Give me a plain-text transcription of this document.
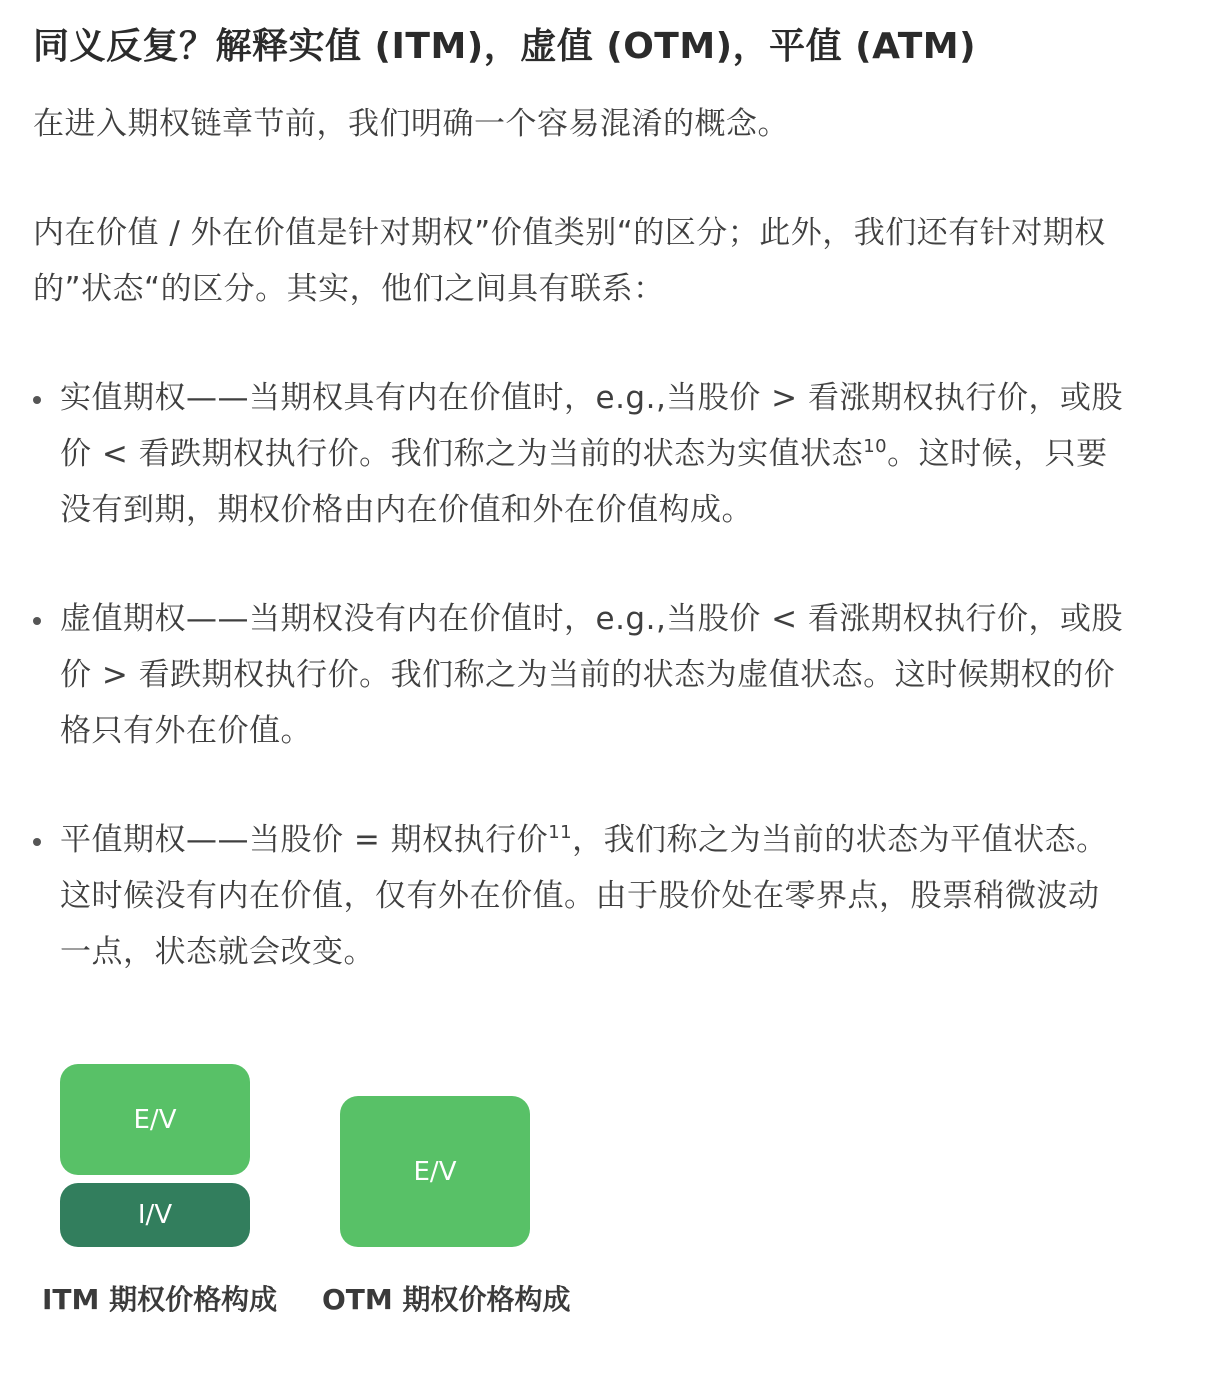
同义反复？解释实值 (ITM)，虚值 (OTM)，平值 (ATM)

在进入期权链章节前，我们明确一个容易混淆的概念。

内在价值 / 外在价值是针对期权”价值类别“的区分；此外，我们还有针对期权的”状态“的区分。其实，他们之间具有联系：

实值期权——当期权具有内在价值时，e.g.,当股价 > 看涨期权执行价，或股价 < 看跌期权执行价。我们称之为当前的状态为实值状态$^{10}$。这时候，只要没有到期，期权价格由内在价值和外在价值构成。

虚值期权——当期权没有内在价值时，e.g.,当股价 < 看涨期权执行价，或股价 > 看跌期权执行价。我们称之为当前的状态为虚值状态。这时候期权的价格只有外在价值。

平值期权——当股价 = 期权执行价$^{11}$，我们称之为当前的状态为平值状态。这时候没有内在价值，仅有外在价值。由于股价处在零界点，股票稍微波动一点，状态就会改变。

E/V
I/V
E/V

ITM 期权价格构成 OTM 期权价格构成
